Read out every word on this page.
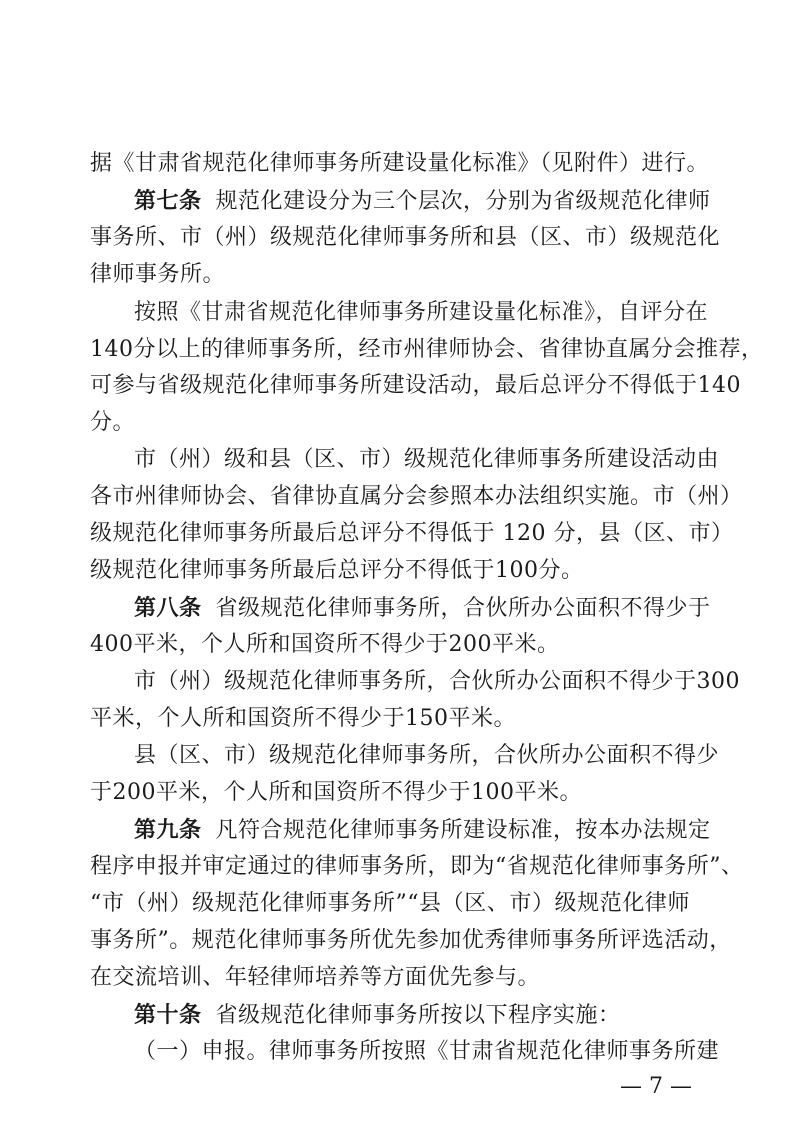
据《甘肃省规范化律师事务所建设量化标准》（见附件）进行。
第七条 规范化建设分为三个层次，分别为省级规范化律师
事务所、市（州）级规范化律师事务所和县（区、市）级规范化
律师事务所。
按照《甘肃省规范化律师事务所建设量化标准》，自评分在
140分以上的律师事务所，经市州律师协会、省律协直属分会推荐，
可参与省级规范化律师事务所建设活动，最后总评分不得低于140
分。
市（州）级和县（区、市）级规范化律师事务所建设活动由
各市州律师协会、省律协直属分会参照本办法组织实施。市（州）
级规范化律师事务所最后总评分不得低于 120 分，县（区、市）
级规范化律师事务所最后总评分不得低于100分。
第八条 省级规范化律师事务所，合伙所办公面积不得少于
400平米，个人所和国资所不得少于200平米。
市（州）级规范化律师事务所，合伙所办公面积不得少于300
平米，个人所和国资所不得少于150平米。
县（区、市）级规范化律师事务所，合伙所办公面积不得少
于200平米，个人所和国资所不得少于100平米。
第九条 凡符合规范化律师事务所建设标准，按本办法规定
程序申报并审定通过的律师事务所，即为“省规范化律师事务所”、
“市（州）级规范化律师事务所”“县（区、市）级规范化律师
事务所”。规范化律师事务所优先参加优秀律师事务所评选活动，
在交流培训、年轻律师培养等方面优先参与。
第十条 省级规范化律师事务所按以下程序实施：
（一）申报。律师事务所按照《甘肃省规范化律师事务所建
— 7 —
